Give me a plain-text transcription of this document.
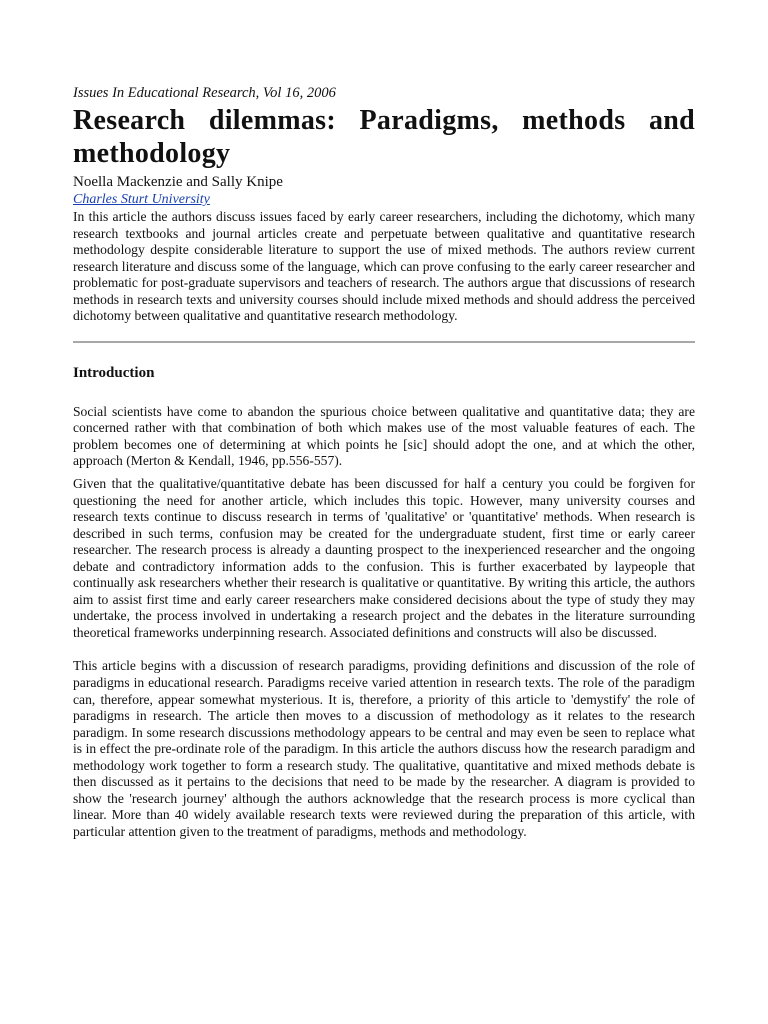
Issues In Educational Research, Vol 16, 2006

Research dilemmas: Paradigms, methods and methodology

Noella Mackenzie and Sally Knipe

Charles Sturt University

In this article the authors discuss issues faced by early career researchers, including the dichotomy, which many research textbooks and journal articles create and perpetuate between qualitative and quantitative research methodology despite considerable literature to support the use of mixed methods. The authors review current research literature and discuss some of the language, which can prove confusing to the early career researcher and problematic for post-graduate supervisors and teachers of research. The authors argue that discussions of research methods in research texts and university courses should include mixed methods and should address the perceived dichotomy between qualitative and quantitative research methodology.

Introduction

Social scientists have come to abandon the spurious choice between qualitative and quantitative data; they are concerned rather with that combination of both which makes use of the most valuable features of each. The problem becomes one of determining at which points he [sic] should adopt the one, and at which the other, approach (Merton & Kendall, 1946, pp.556-557).

Given that the qualitative/quantitative debate has been discussed for half a century you could be forgiven for questioning the need for another article, which includes this topic. However, many university courses and research texts continue to discuss research in terms of 'qualitative' or 'quantitative' methods. When research is described in such terms, confusion may be created for the undergraduate student, first time or early career researcher. The research process is already a daunting prospect to the inexperienced researcher and the ongoing debate and contradictory information adds to the confusion. This is further exacerbated by laypeople that continually ask researchers whether their research is qualitative or quantitative. By writing this article, the authors aim to assist first time and early career researchers make considered decisions about the type of study they may undertake, the process involved in undertaking a research project and the debates in the literature surrounding theoretical frameworks underpinning research. Associated definitions and constructs will also be discussed.

This article begins with a discussion of research paradigms, providing definitions and discussion of the role of paradigms in educational research. Paradigms receive varied attention in research texts. The role of the paradigm can, therefore, appear somewhat mysterious. It is, therefore, a priority of this article to 'demystify' the role of paradigms in research. The article then moves to a discussion of methodology as it relates to the research paradigm. In some research discussions methodology appears to be central and may even be seen to replace what is in effect the pre-ordinate role of the paradigm. In this article the authors discuss how the research paradigm and methodology work together to form a research study. The qualitative, quantitative and mixed methods debate is then discussed as it pertains to the decisions that need to be made by the researcher. A diagram is provided to show the 'research journey' although the authors acknowledge that the research process is more cyclical than linear. More than 40 widely available research texts were reviewed during the preparation of this article, with particular attention given to the treatment of paradigms, methods and methodology.
